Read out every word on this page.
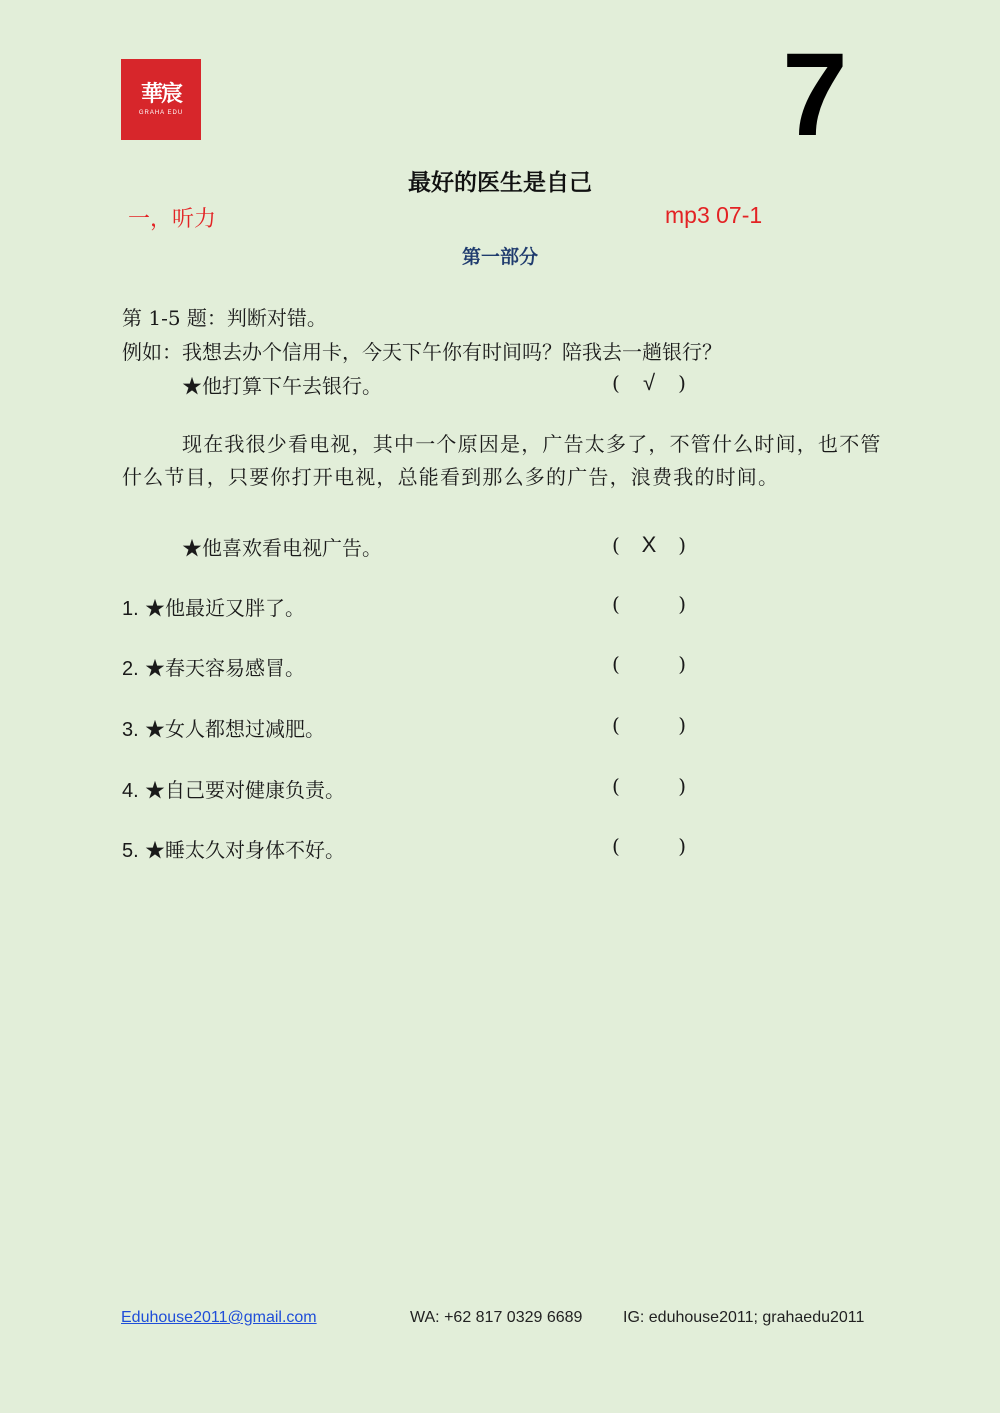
華宸
GRAHA EDU	7
最好的医生是自己
一，听力	mp3 07-1
第一部分
第 1-5 题：判断对错。
例如：我想去办个信用卡，今天下午你有时间吗？陪我去一趟银行？
★他打算下午去银行。	( √ )
现在我很少看电视，其中一个原因是，广告太多了，不管什么时间，也不管什么节目，只要你打开电视，总能看到那么多的广告，浪费我的时间。
★他喜欢看电视广告。	( X )
1. ★他最近又胖了。	(	)
2. ★春天容易感冒。	(	)
3. ★女人都想过减肥。	(	)
4. ★自己要对健康负责。	(	)
5. ★睡太久对身体不好。	(	)
Eduhouse2011@gmail.com	WA: +62 817 0329 6689	IG: eduhouse2011; grahaedu2011
